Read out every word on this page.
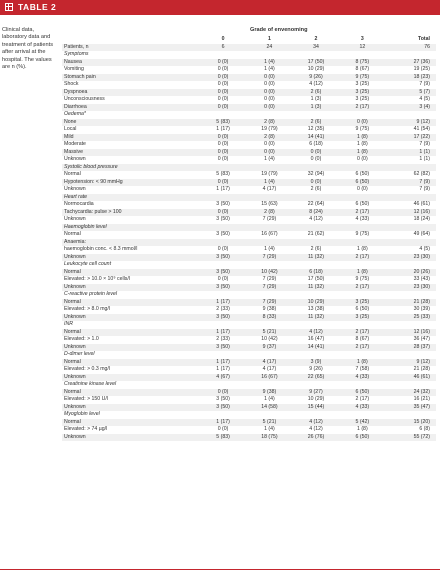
TABLE 2
Clinical data, laboratory data and treatment of patients after arrival at the hospital. The values are n (%).
Grade of envenoming
	0	1	2	3	Total
Patients, n	6	24	34	12	76
Symptoms					
Nausea	0 (0)	1 (4)	17 (50)	8 (75)	27 (36)
Vomiting	0 (0)	1 (4)	10 (29)	8 (67)	19 (25)
Stomach pain	0 (0)	0 (0)	9 (26)	9 (75)	18 (23)
Shock	0 (0)	0 (0)	4 (12)	3 (25)	7 (9)
Dyspnoea	0 (0)	0 (0)	2 (6)	3 (25)	5 (7)
Unconsciousness	0 (0)	0 (0)	1 (3)	3 (25)	4 (5)
Diarrhoea	0 (0)	0 (0)	1 (3)	2 (17)	3 (4)
Oedema*					
None	5 (83)	2 (8)	2 (6)	0 (0)	9 (12)
Local	1 (17)	19 (79)	12 (35)	9 (75)	41 (54)
Mild	0 (0)	2 (8)	14 (41)	1 (8)	17 (22)
Moderate	0 (0)	0 (0)	6 (18)	1 (8)	7 (9)
Massive	0 (0)	0 (0)	0 (0)	1 (8)	1 (1)
Unknown	0 (0)	1 (4)	0 (0)	0 (0)	1 (1)
Systolic blood pressure					
Normal	5 (83)	19 (79)	32 (94)	6 (50)	62 (82)
Hypotension: < 90 mmHg	0 (0)	1 (4)	0 (0)	6 (50)	7 (9)
Unknown	1 (17)	4 (17)	2 (6)	0 (0)	7 (9)
Heart rate					
Normocardia	3 (50)	15 (63)	22 (64)	6 (50)	46 (61)
Tachycardia: pulse > 100	0 (0)	2 (8)	8 (24)	2 (17)	12 (16)
Unknown	3 (50)	7 (29)	4 (12)	4 (33)	18 (24)
Haemoglobin level					
Normal	3 (50)	16 (67)	21 (62)	9 (75)	49 (64)
Anaemia:					
haemoglobin conc. < 8.3 mmol/l	0 (0)	1 (4)	2 (6)	1 (8)	4 (5)
Unknown	3 (50)	7 (29)	11 (32)	2 (17)	23 (30)
Leukocyte cell count					
Normal	3 (50)	10 (42)	6 (18)	1 (8)	20 (26)
Elevated: > 10.0 × 10⁹ cells/l	0 (0)	7 (29)	17 (50)	9 (75)	33 (43)
Unknown	3 (50)	7 (29)	11 (32)	2 (17)	23 (30)
C-reactive protein level					
Normal	1 (17)	7 (29)	10 (29)	3 (25)	21 (28)
Elevated: > 8.0 mg/l	2 (33)	9 (38)	13 (38)	6 (50)	30 (39)
Unknown	3 (50)	8 (33)	11 (32)	3 (25)	25 (33)
INR					
Normal	1 (17)	5 (21)	4 (12)	2 (17)	12 (16)
Elevated: > 1.0	2 (33)	10 (42)	16 (47)	8 (67)	36 (47)
Unknown	3 (50)	9 (37)	14 (41)	2 (17)	28 (37)
D-dimer level					
Normal	1 (17)	4 (17)	3 (9)	1 (8)	9 (12)
Elevated: > 0.3 mg/l	1 (17)	4 (17)	9 (26)	7 (58)	21 (28)
Unknown	4 (67)	16 (67)	22 (65)	4 (33)	46 (61)
Creatinine kinase level					
Normal	0 (0)	9 (38)	9 (27)	6 (50)	24 (32)
Elevated: > 150 U/l	3 (50)	1 (4)	10 (29)	2 (17)	16 (21)
Unknown	3 (50)	14 (58)	15 (44)	4 (33)	35 (47)
Myoglobin level					
Normal	1 (17)	5 (21)	4 (12)	5 (42)	15 (20)
Elevated: > 74 µg/l	0 (0)	1 (4)	4 (12)	1 (8)	6 (8)
Unknown	5 (83)	18 (75)	26 (76)	6 (50)	55 (72)
